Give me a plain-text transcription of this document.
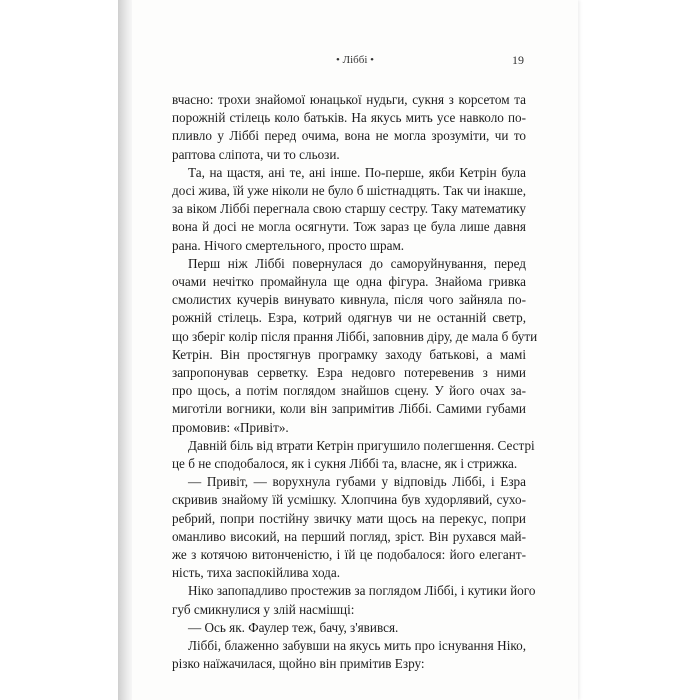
• Ліббі •	19
вчасно: трохи знайомої юнацької нудьги, сукня з корсетом та
порожній стілець коло батьків. На якусь мить усе навколо по-
пливло у Ліббі перед очима, вона не могла зрозуміти, чи то
раптова сліпота, чи то сльози.
Та, на щастя, ані те, ані інше. По-перше, якби Кетрін була
досі жива, їй уже ніколи не було б шістнадцять. Так чи інакше,
за віком Ліббі перегнала свою старшу сестру. Таку математику
вона й досі не могла осягнути. Тож зараз це була лише давня
рана. Нічого смертельного, просто шрам.
Перш ніж Ліббі повернулася до саморуйнування, перед
очами нечітко промайнула ще одна фігура. Знайома гривка
смолистих кучерів винувато кивнула, після чого зайняла по-
рожній стілець. Езра, котрий одягнув чи не останній светр,
що зберіг колір після прання Ліббі, заповнив діру, де мала б бути
Кетрін. Він простягнув програмку заходу батькові, а мамі
запропонував серветку. Езра недовго потеревенив з ними
про щось, а потім поглядом знайшов сцену. У його очах за-
миготіли вогники, коли він запримітив Ліббі. Самими губами
промовив: «Привіт».
Давній біль від втрати Кетрін пригушило полегшення. Сестрі
це б не сподобалося, як і сукня Ліббі та, власне, як і стрижка.
— Привіт, — ворухнула губами у відповідь Ліббі, і Езра
скривив знайому їй усмішку. Хлопчина був худорлявий, сухо-
ребрий, попри постійну звичку мати щось на перекус, попри
оманливо високий, на перший погляд, зріст. Він рухався май-
же з котячою витонченістю, і їй це подобалося: його елегант-
ність, тиха заспокійлива хода.
Ніко запопадливо простежив за поглядом Ліббі, і кутики його
губ смикнулися у злій насмішці:
— Ось як. Фаулер теж, бачу, з'явився.
Ліббі, блаженно забувши на якусь мить про існування Ніко,
різко наїжачилася, щойно він примітив Езру:
